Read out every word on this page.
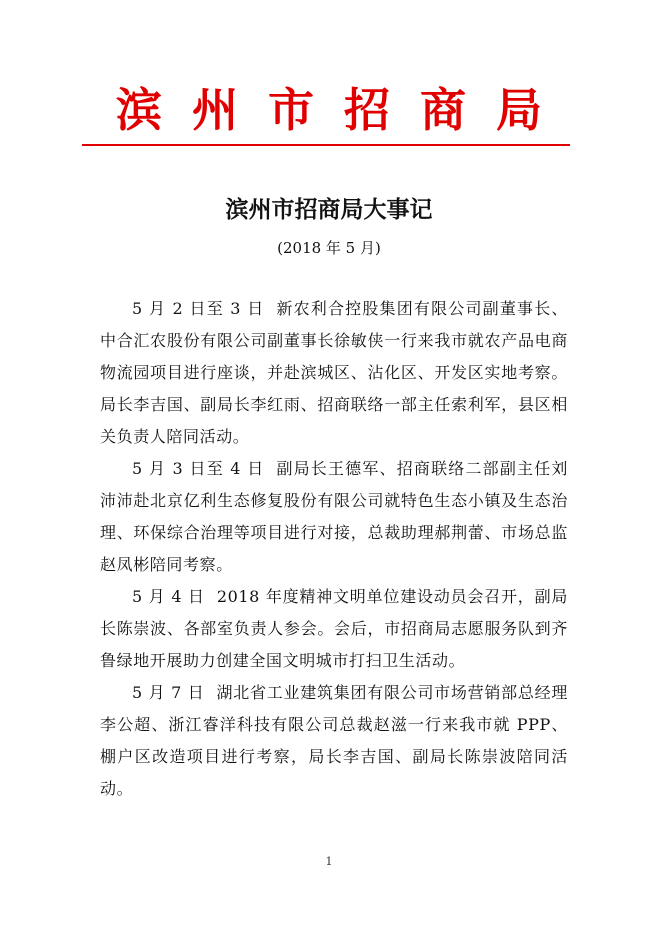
滨州市招商局
滨州市招商局大事记
(2018 年 5 月)

5 月 2 日至 3 日 新农利合控股集团有限公司副董事长、中合汇农股份有限公司副董事长徐敏侠一行来我市就农产品电商物流园项目进行座谈，并赴滨城区、沾化区、开发区实地考察。局长李吉国、副局长李红雨、招商联络一部主任索利军，县区相关负责人陪同活动。

5 月 3 日至 4 日 副局长王德军、招商联络二部副主任刘沛沛赴北京亿利生态修复股份有限公司就特色生态小镇及生态治理、环保综合治理等项目进行对接，总裁助理郝荆蕾、市场总监赵凤彬陪同考察。

5 月 4 日 2018 年度精神文明单位建设动员会召开，副局长陈崇波、各部室负责人参会。会后，市招商局志愿服务队到齐鲁绿地开展助力创建全国文明城市打扫卫生活动。

5 月 7 日 湖北省工业建筑集团有限公司市场营销部总经理李公超、浙江睿洋科技有限公司总裁赵滋一行来我市就 PPP、棚户区改造项目进行考察，局长李吉国、副局长陈崇波陪同活动。

1
